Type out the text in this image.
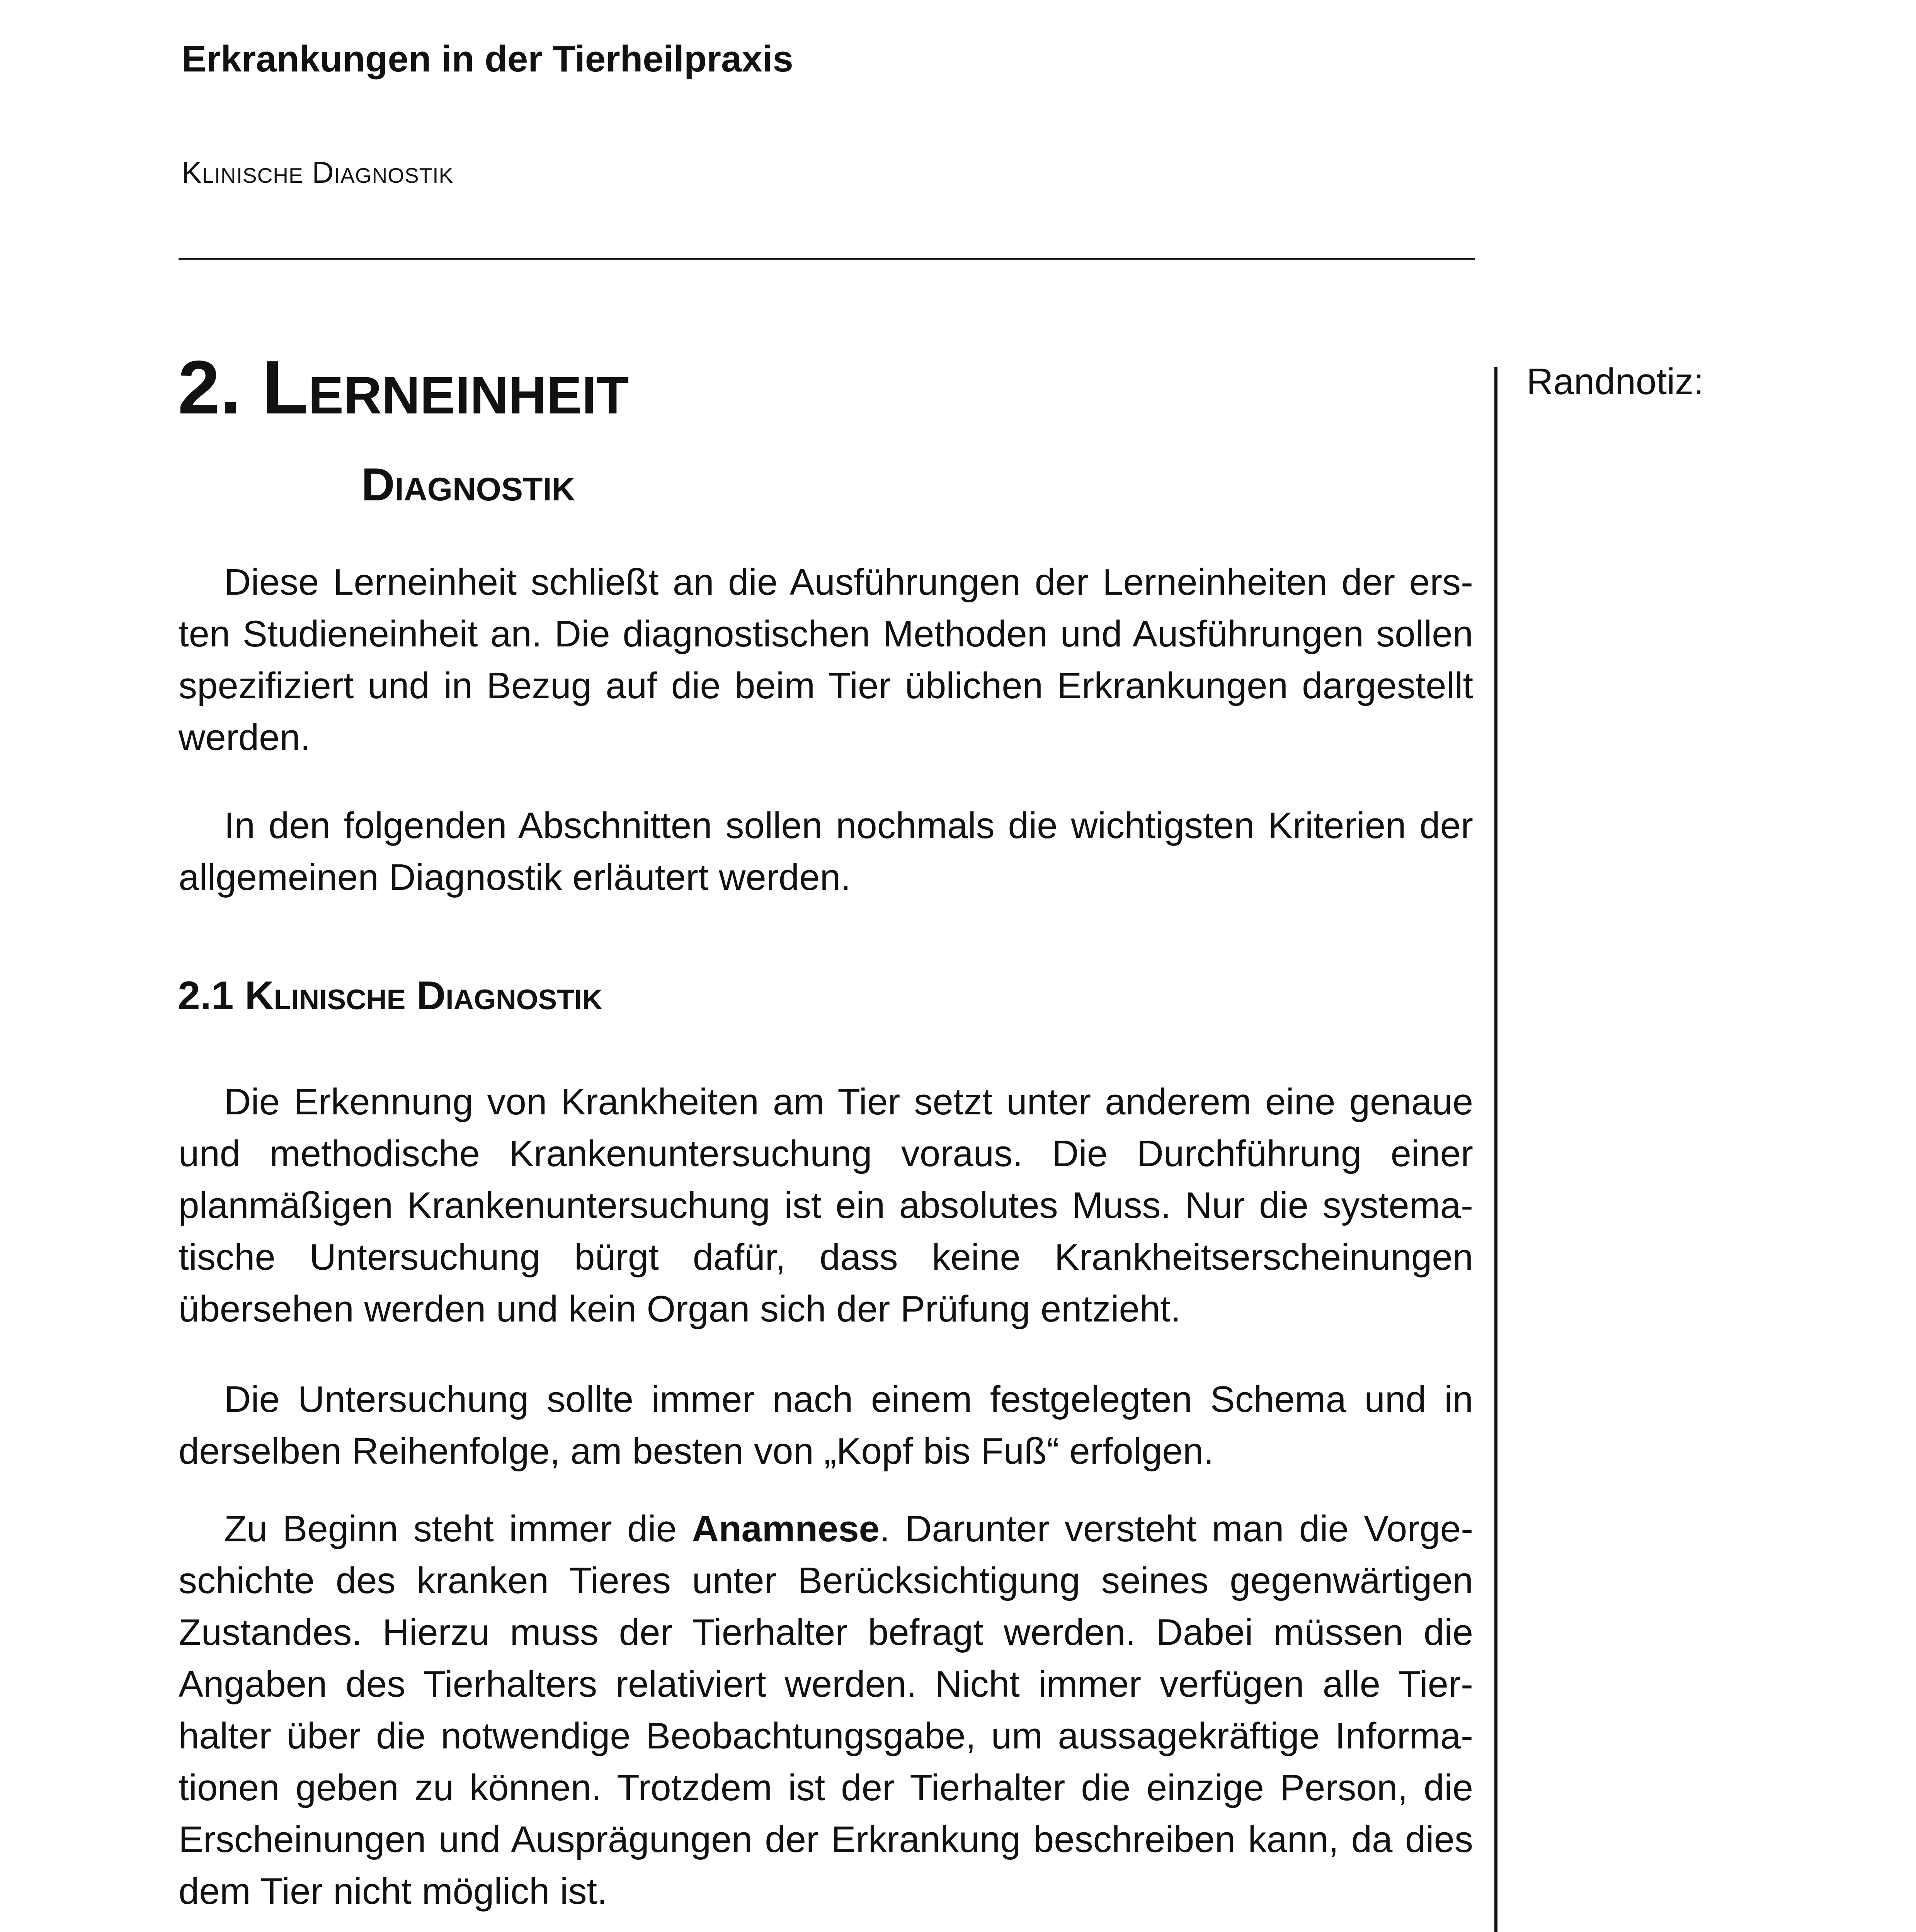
Erkrankungen in der Tierheilpraxis
Klinische Diagnostik
Randnotiz:
2. Lerneinheit
Diagnostik

Diese Lerneinheit schließt an die Ausführungen der Lerneinheiten der ersten Studieneinheit an. Die diagnostischen Methoden und Ausführungen sollen spezifiziert und in Bezug auf die beim Tier üblichen Erkrankungen dargestellt werden.

In den folgenden Abschnitten sollen nochmals die wichtigsten Kriterien der allgemeinen Diagnostik erläutert werden.

2.1 Klinische Diagnostik

Die Erkennung von Krankheiten am Tier setzt unter anderem eine genaue und methodische Krankenuntersuchung voraus. Die Durchführung einer planmäßigen Krankenuntersuchung ist ein absolutes Muss. Nur die systematische Untersuchung bürgt dafür, dass keine Krankheitserscheinungen übersehen werden und kein Organ sich der Prüfung entzieht.

Die Untersuchung sollte immer nach einem festgelegten Schema und in derselben Reihenfolge, am besten von „Kopf bis Fuß“ erfolgen.

Zu Beginn steht immer die Anamnese. Darunter versteht man die Vorgeschichte des kranken Tieres unter Berücksichtigung seines gegenwärtigen Zustandes. Hierzu muss der Tierhalter befragt werden. Dabei müssen die Angaben des Tierhalters relativiert werden. Nicht immer verfügen alle Tierhalter über die notwendige Beobachtungsgabe, um aussagekräftige Informationen geben zu können. Trotzdem ist der Tierhalter die einzige Person, die Erscheinungen und Ausprägungen der Erkrankung beschreiben kann, da dies dem Tier nicht möglich ist.
